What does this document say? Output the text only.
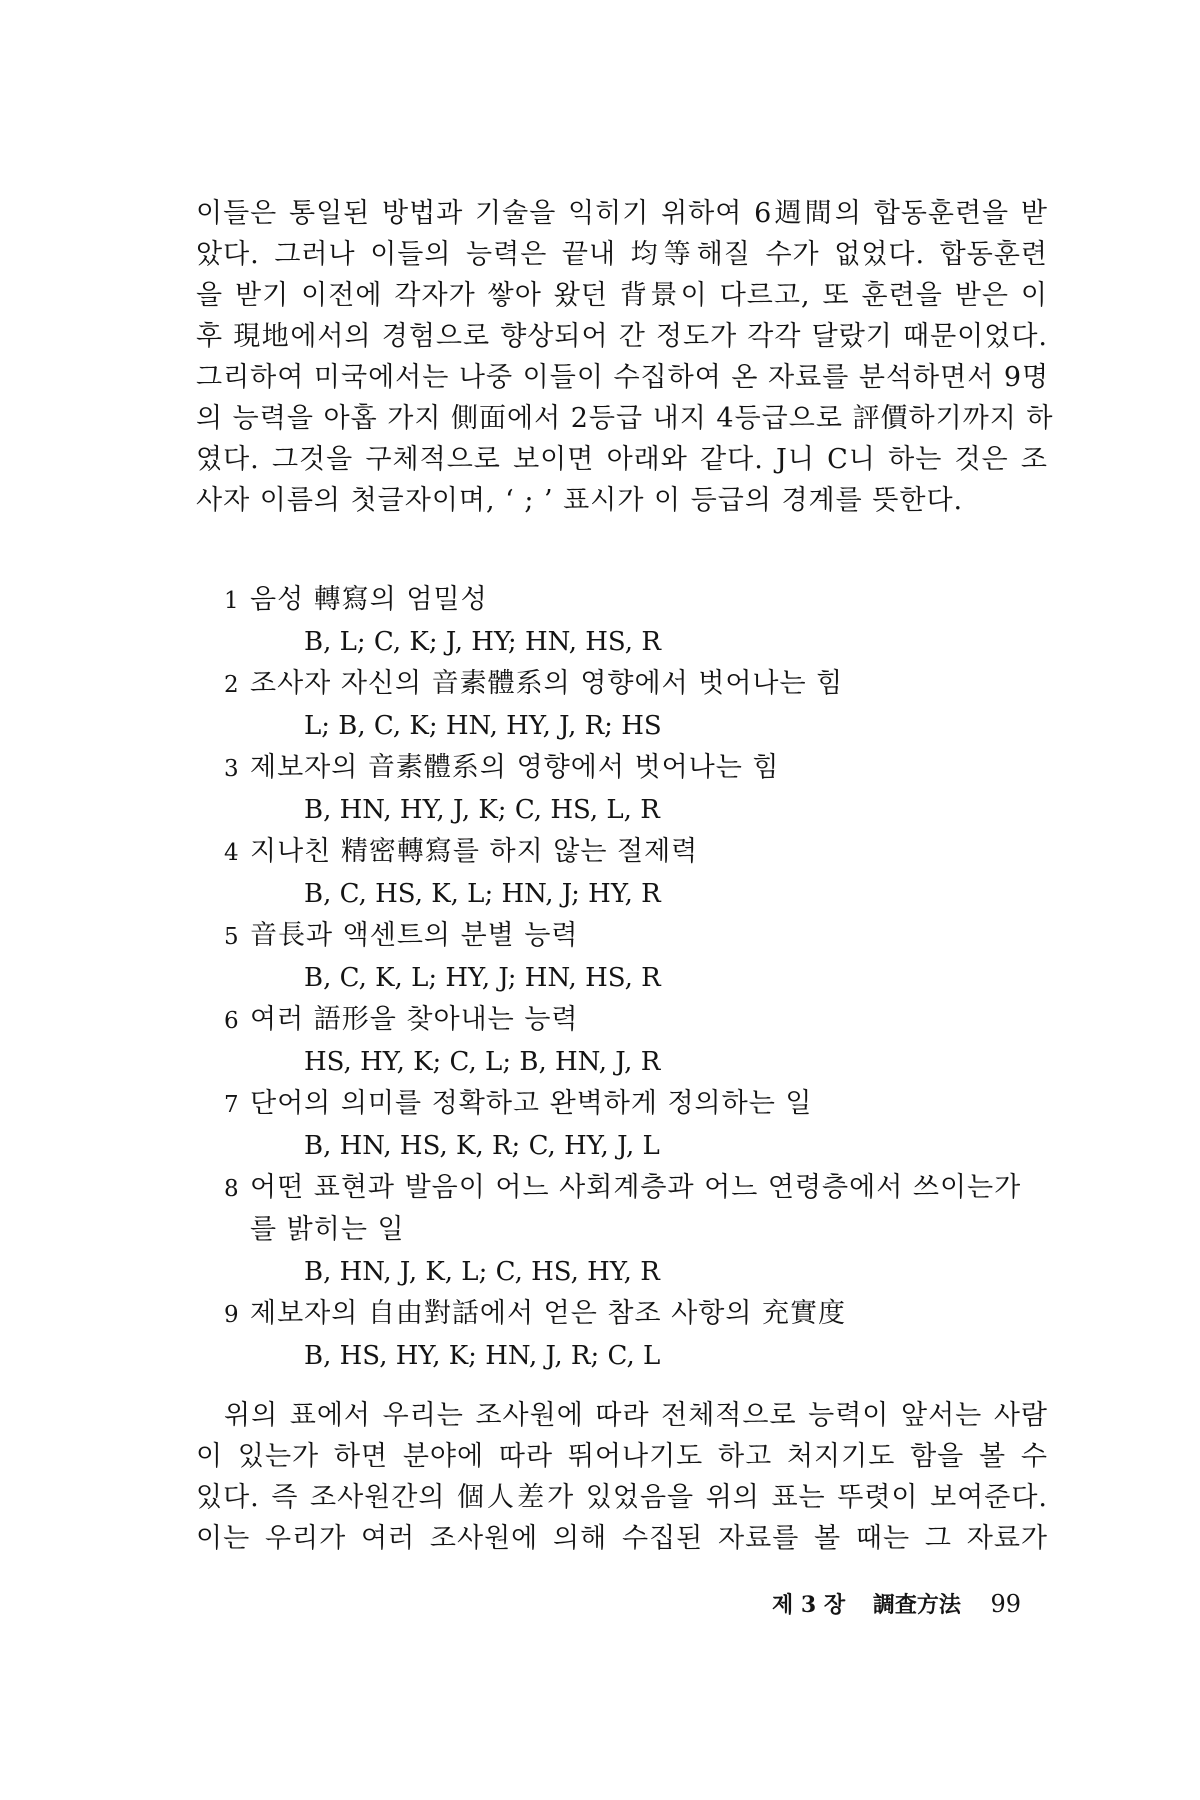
이들은 통일된 방법과 기술을 익히기 위하여 6週間의 합동훈련을 받
았다. 그러나 이들의 능력은 끝내 均等해질 수가 없었다. 합동훈련
을 받기 이전에 각자가 쌓아 왔던 背景이 다르고, 또 훈련을 받은 이
후 現地에서의 경험으로 향상되어 간 정도가 각각 달랐기 때문이었다.
그리하여 미국에서는 나중 이들이 수집하여 온 자료를 분석하면서 9명
의 능력을 아홉 가지 側面에서 2등급 내지 4등급으로 評價하기까지 하
였다. 그것을 구체적으로 보이면 아래와 같다. J니 C니 하는 것은 조
사자 이름의 첫글자이며, ‘ ; ’ 표시가 이 등급의 경계를 뜻한다.
1 음성 轉寫의 엄밀성
B, L; C, K; J, HY; HN, HS, R
2 조사자 자신의 音素體系의 영향에서 벗어나는 힘
L; B, C, K; HN, HY, J, R; HS
3 제보자의 音素體系의 영향에서 벗어나는 힘
B, HN, HY, J, K; C, HS, L, R
4 지나친 精密轉寫를 하지 않는 절제력
B, C, HS, K, L; HN, J; HY, R
5 音長과 액센트의 분별 능력
B, C, K, L; HY, J; HN, HS, R
6 여러 語形을 찾아내는 능력
HS, HY, K; C, L; B, HN, J, R
7 단어의 의미를 정확하고 완벽하게 정의하는 일
B, HN, HS, K, R; C, HY, J, L
8 어떤 표현과 발음이 어느 사회계층과 어느 연령층에서 쓰이는가
를 밝히는 일
B, HN, J, K, L; C, HS, HY, R
9 제보자의 自由對話에서 얻은 참조 사항의 充實度
B, HS, HY, K; HN, J, R; C, L
위의 표에서 우리는 조사원에 따라 전체적으로 능력이 앞서는 사람
이 있는가 하면 분야에 따라 뛰어나기도 하고 처지기도 함을 볼 수
있다. 즉 조사원간의 個人差가 있었음을 위의 표는 뚜렷이 보여준다.
이는 우리가 여러 조사원에 의해 수집된 자료를 볼 때는 그 자료가
제 3 장 調査方法 99
